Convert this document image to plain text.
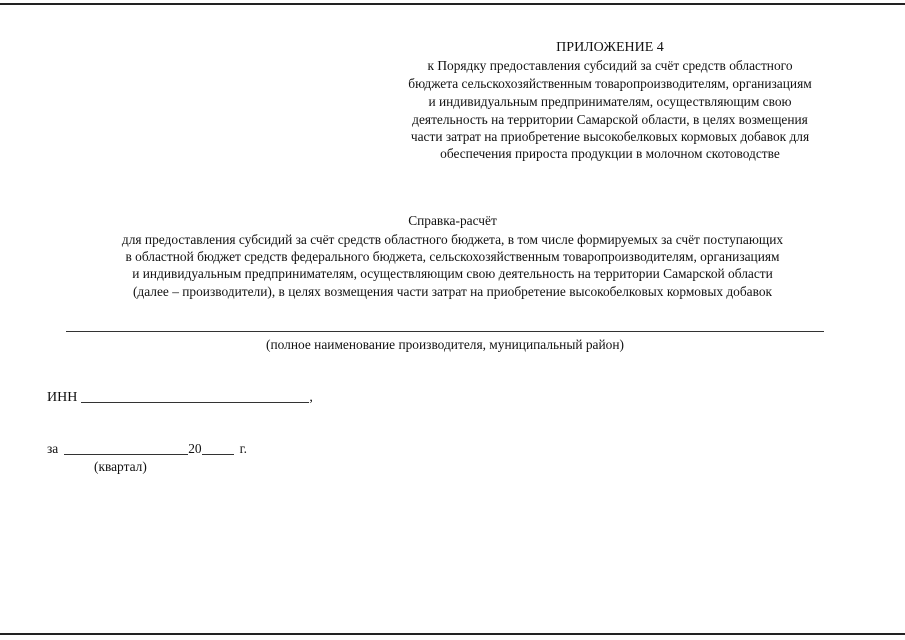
ПРИЛОЖЕНИЕ 4
к Порядку предоставления субсидий за счёт средств областного
бюджета сельскохозяйственным товаропроизводителям, организациям
и индивидуальным предпринимателям, осуществляющим свою
деятельность на территории Самарской области, в целях возмещения
части затрат на приобретение высокобелковых кормовых добавок для
обеспечения прироста продукции в молочном скотоводстве
Справка-расчёт
для предоставления субсидий за счёт средств областного бюджета, в том числе формируемых за счёт поступающих
в областной бюджет средств федерального бюджета, сельскохозяйственным товаропроизводителям, организациям
и индивидуальным предпринимателям, осуществляющим свою деятельность на территории Самарской области
(далее – производители), в целях возмещения части затрат на приобретение высокобелковых кормовых добавок
(полное наименование производителя, муниципальный район)
ИНН	,
за	20	г.
(квартал)
